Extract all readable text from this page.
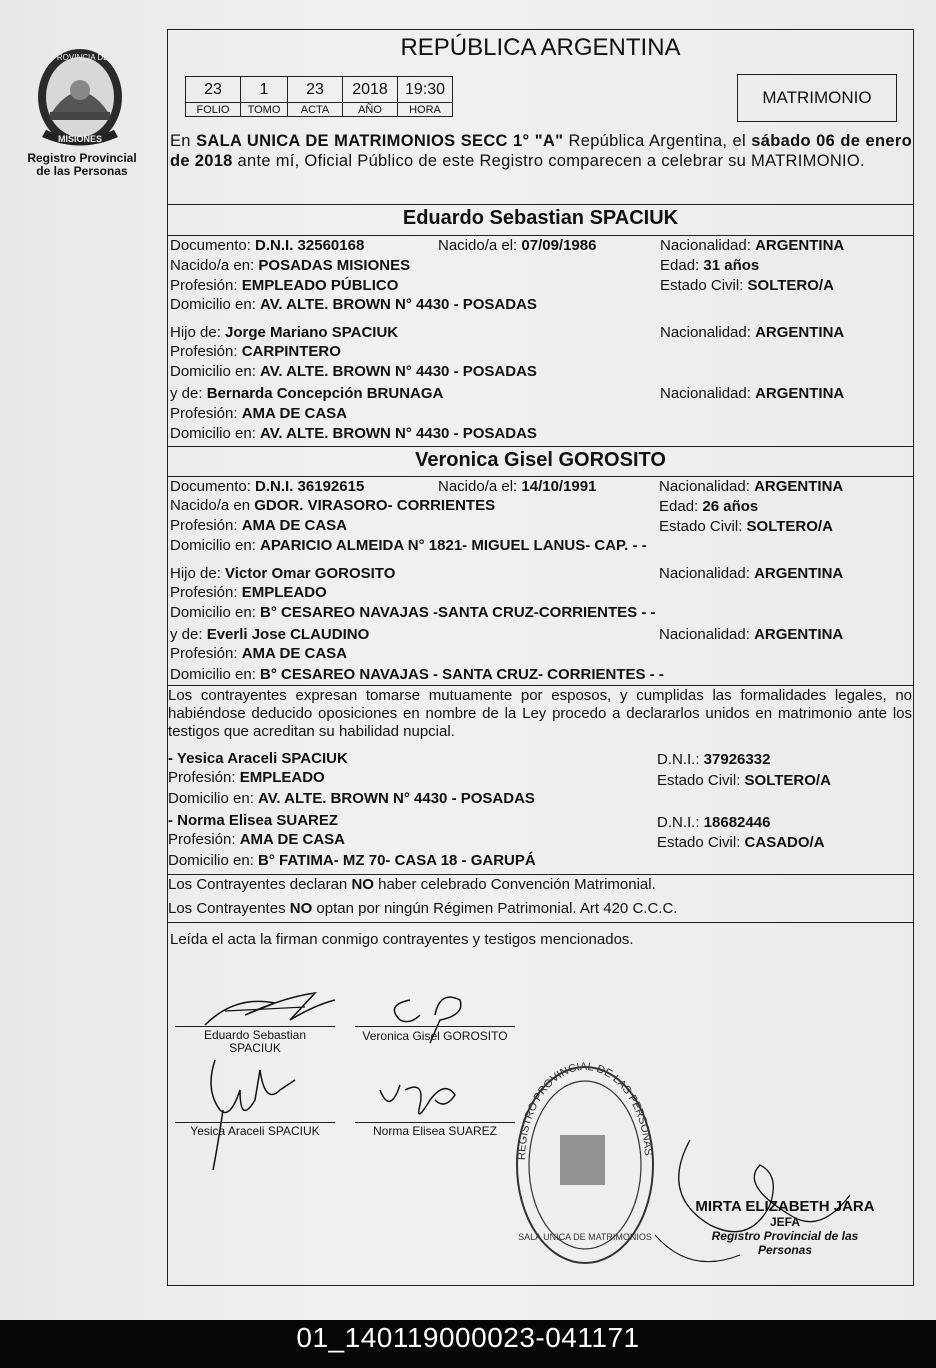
PROVINCIA DE
MISIONES
Registro Provincial
de las Personas
REPÚBLICA ARGENTINA
23	1	23	2018	19:30
FOLIO	TOMO	ACTA	AÑO	HORA
MATRIMONIO
En SALA UNICA DE MATRIMONIOS SECC 1° "A" República Argentina, el sábado 06 de enero de 2018 ante mí, Oficial Público de este Registro comparecen a celebrar su MATRIMONIO.
Eduardo Sebastian SPACIUK
Documento: D.N.I. 32560168	Nacido/a el: 07/09/1986	Nacionalidad: ARGENTINA
Nacido/a en: POSADAS MISIONES	Edad: 31 años
Profesión: EMPLEADO PÚBLICO	Estado Civil: SOLTERO/A
Domicilio en: AV. ALTE. BROWN N° 4430 - POSADAS
Hijo de: Jorge Mariano SPACIUK	Nacionalidad: ARGENTINA
Profesión: CARPINTERO
Domicilio en: AV. ALTE. BROWN N° 4430 - POSADAS
y de: Bernarda Concepción BRUNAGA	Nacionalidad: ARGENTINA
Profesión: AMA DE CASA
Domicilio en: AV. ALTE. BROWN N° 4430 - POSADAS
Veronica Gisel GOROSITO
Documento: D.N.I. 36192615	Nacido/a el: 14/10/1991	Nacionalidad: ARGENTINA
Nacido/a en GDOR. VIRASORO- CORRIENTES	Edad: 26 años
Profesión: AMA DE CASA	Estado Civil: SOLTERO/A
Domicilio en: APARICIO ALMEIDA N° 1821- MIGUEL LANUS- CAP. - -
Hijo de: Victor Omar GOROSITO	Nacionalidad: ARGENTINA
Profesión: EMPLEADO
Domicilio en: B° CESAREO NAVAJAS -SANTA CRUZ-CORRIENTES - -
y de: Everli Jose CLAUDINO	Nacionalidad: ARGENTINA
Profesión: AMA DE CASA
Domicilio en: B° CESAREO NAVAJAS - SANTA CRUZ- CORRIENTES - -
Los contrayentes expresan tomarse mutuamente por esposos, y cumplidas las formalidades legales, no habiéndose deducido oposiciones en nombre de la Ley procedo a declararlos unidos en matrimonio ante los testigos que acreditan su habilidad nupcial.
- Yesica Araceli SPACIUK	D.N.I.: 37926332
Profesión: EMPLEADO	Estado Civil: SOLTERO/A
Domicilio en: AV. ALTE. BROWN N° 4430 - POSADAS
- Norma Elisea SUAREZ	D.N.I.: 18682446
Profesión: AMA DE CASA	Estado Civil: CASADO/A
Domicilio en: B° FATIMA- MZ 70- CASA 18 - GARUPÁ
Los Contrayentes declaran NO haber celebrado Convención Matrimonial.
Los Contrayentes NO optan por ningún Régimen Patrimonial. Art 420 C.C.C.
Leída el acta la firman conmigo contrayentes y testigos mencionados.
Eduardo Sebastian
SPACIUK
Veronica Gisel GOROSITO
Yesica Araceli SPACIUK	Norma Elisea SUAREZ
REGISTRO PROVINCIAL DE LAS PERSONAS
SALA UNICA DE MATRIMONIOS
MIRTA ELIZABETH JARA
JEFA
Registro Provincial de las Personas
01_140119000023-041171
